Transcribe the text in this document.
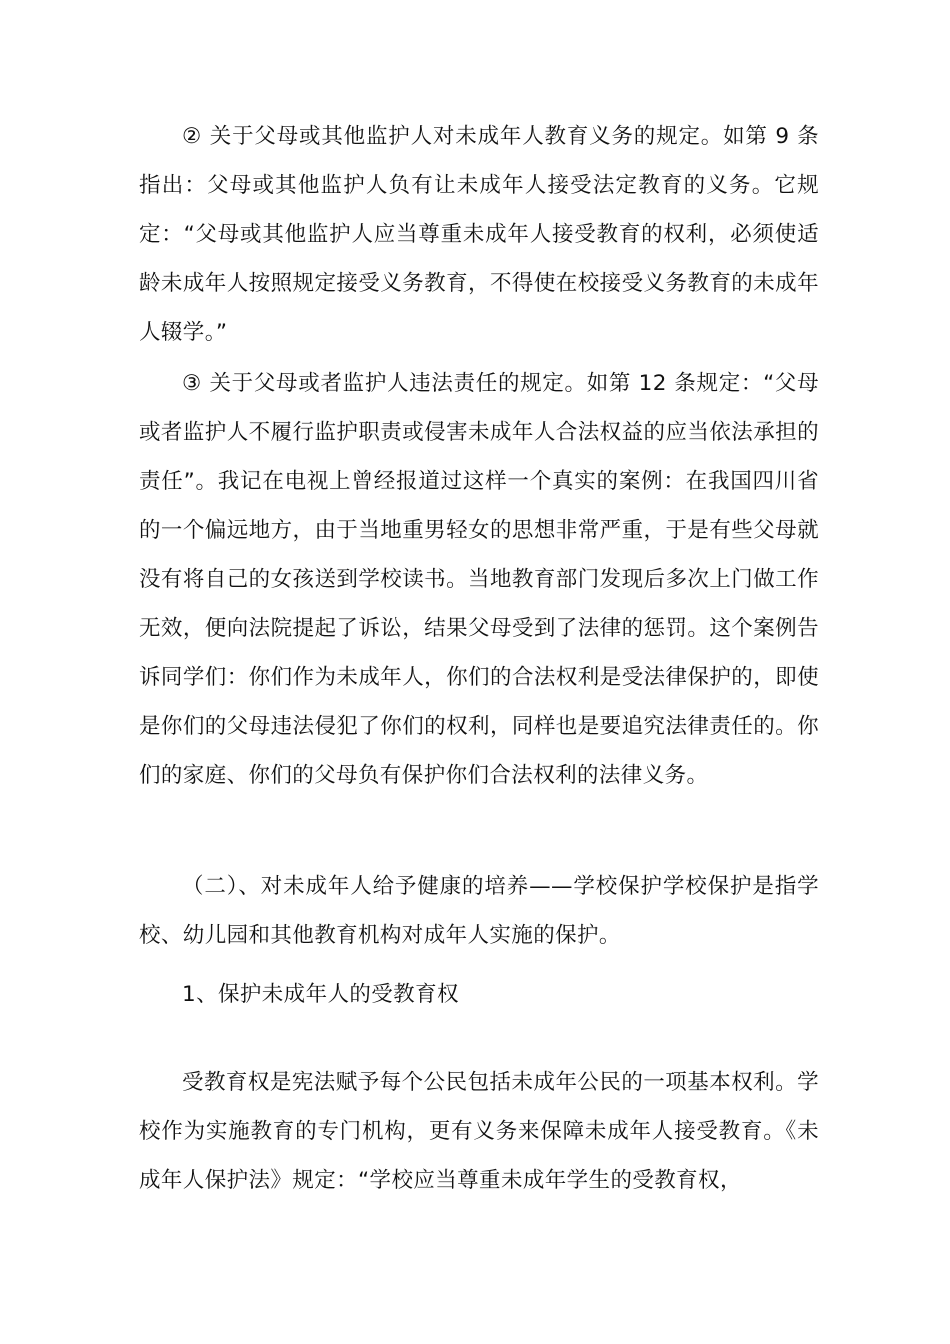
② 关于父母或其他监护人对未成年人教育义务的规定。如第 9 条指出：父母或其他监护人负有让未成年人接受法定教育的义务。它规定：“父母或其他监护人应当尊重未成年人接受教育的权利，必须使适龄未成年人按照规定接受义务教育，不得使在校接受义务教育的未成年人辍学。”

③ 关于父母或者监护人违法责任的规定。如第 12 条规定：“父母或者监护人不履行监护职责或侵害未成年人合法权益的应当依法承担的责任”。我记在电视上曾经报道过这样一个真实的案例：在我国四川省的一个偏远地方，由于当地重男轻女的思想非常严重，于是有些父母就没有将自己的女孩送到学校读书。当地教育部门发现后多次上门做工作无效，便向法院提起了诉讼，结果父母受到了法律的惩罚。这个案例告诉同学们：你们作为未成年人，你们的合法权利是受法律保护的，即使是你们的父母违法侵犯了你们的权利，同样也是要追究法律责任的。你们的家庭、你们的父母负有保护你们合法权利的法律义务。

（二）、对未成年人给予健康的培养——学校保护学校保护是指学校、幼儿园和其他教育机构对成年人实施的保护。

1、保护未成年人的受教育权

受教育权是宪法赋予每个公民包括未成年公民的一项基本权利。学校作为实施教育的专门机构，更有义务来保障未成年人接受教育。《未成年人保护法》规定：“学校应当尊重未成年学生的受教育权，
